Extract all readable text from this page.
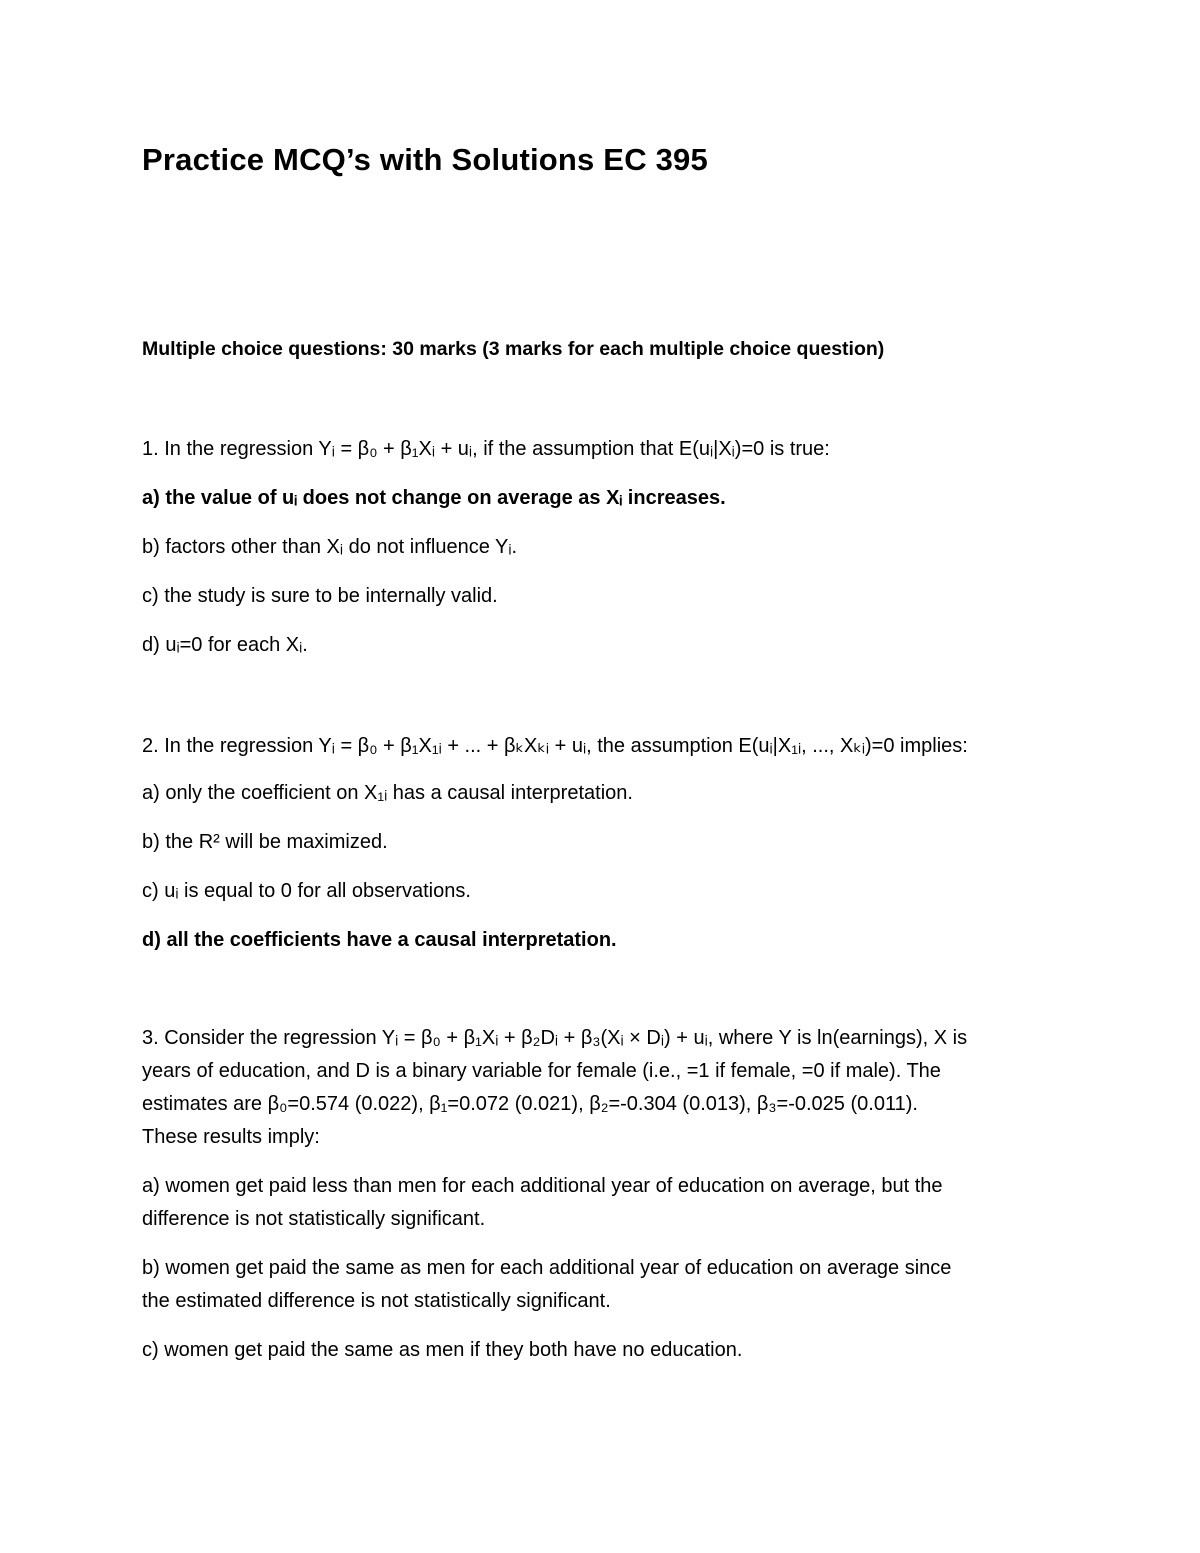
Practice MCQ’s with Solutions EC 395
Multiple choice questions: 30 marks (3 marks for each multiple choice question)
1. In the regression Yᵢ = β₀ + β₁Xᵢ + uᵢ, if the assumption that E(uᵢ|Xᵢ)=0 is true:
a) the value of uᵢ does not change on average as Xᵢ increases.
b) factors other than Xᵢ do not influence Yᵢ.
c) the study is sure to be internally valid.
d) uᵢ=0 for each Xᵢ.
2. In the regression Yᵢ = β₀ + β₁X₁ᵢ + ... + βₖXₖᵢ + uᵢ, the assumption E(uᵢ|X₁ᵢ, ..., Xₖᵢ)=0 implies:
a) only the coefficient on X₁ᵢ has a causal interpretation.
b) the R² will be maximized.
c) uᵢ is equal to 0 for all observations.
d) all the coefficients have a causal interpretation.
3. Consider the regression Yᵢ = β₀ + β₁Xᵢ + β₂Dᵢ + β₃(Xᵢ × Dᵢ) + uᵢ, where Y is ln(earnings), X is
years of education, and D is a binary variable for female (i.e., =1 if female, =0 if male). The
estimates are β₀=0.574 (0.022), β₁=0.072 (0.021), β₂=-0.304 (0.013), β₃=-0.025 (0.011).
These results imply:
a) women get paid less than men for each additional year of education on average, but the
difference is not statistically significant.
b) women get paid the same as men for each additional year of education on average since
the estimated difference is not statistically significant.
c) women get paid the same as men if they both have no education.
